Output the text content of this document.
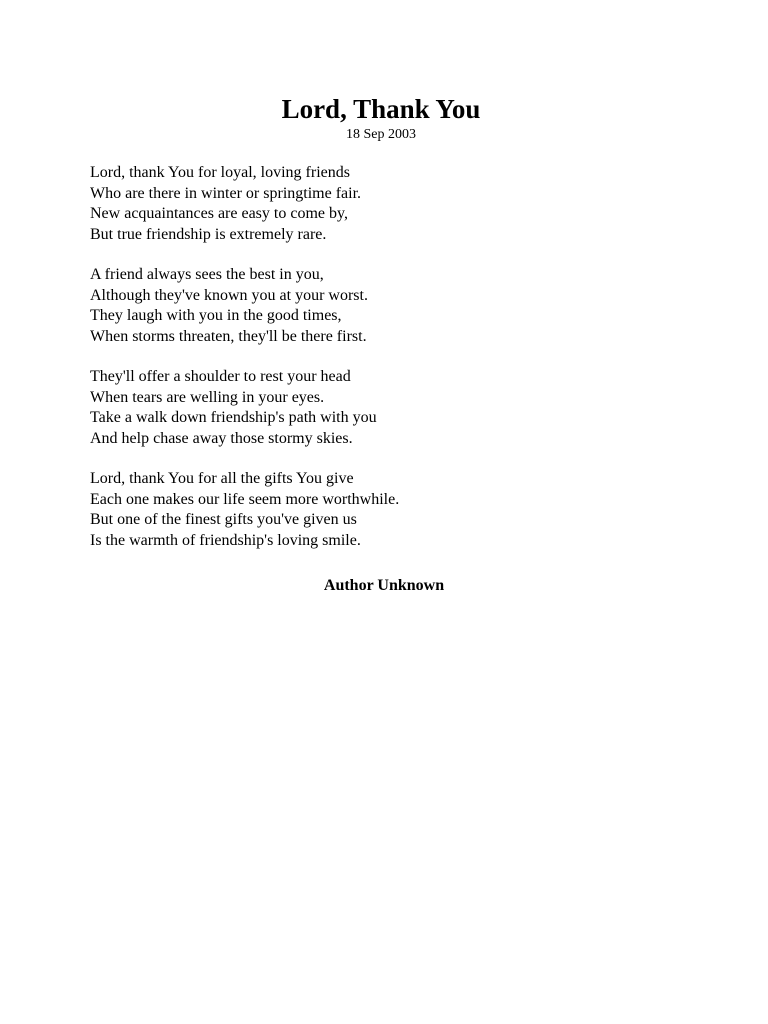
Lord, Thank You
18 Sep 2003
Lord, thank You for loyal, loving friends
Who are there in winter or springtime fair.
New acquaintances are easy to come by,
But true friendship is extremely rare.
A friend always sees the best in you,
Although they've known you at your worst.
They laugh with you in the good times,
When storms threaten, they'll be there first.
They'll offer a shoulder to rest your head
When tears are welling in your eyes.
Take a walk down friendship's path with you
And help chase away those stormy skies.
Lord, thank You for all the gifts You give
Each one makes our life seem more worthwhile.
But one of the finest gifts you've given us
Is the warmth of friendship's loving smile.
Author Unknown
